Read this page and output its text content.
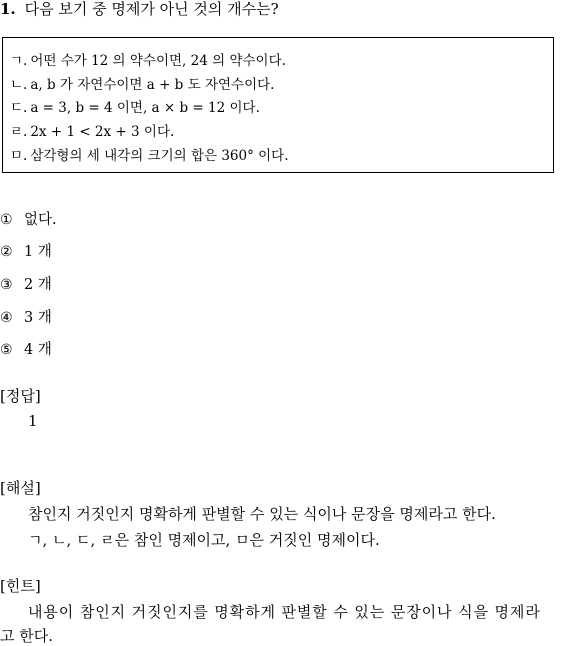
1. 다음 보기 중 명제가 아닌 것의 개수는?
ㄱ. 어떤 수가 12 의 약수이면, 24 의 약수이다.
ㄴ. a, b 가 자연수이면 a + b 도 자연수이다.
ㄷ. a = 3, b = 4 이면, a × b = 12 이다.
ㄹ. 2x + 1 < 2x + 3 이다.
ㅁ. 삼각형의 세 내각의 크기의 합은 360° 이다.
① 없다.
② 1 개
③ 2 개
④ 3 개
⑤ 4 개
[정답]
1
[해설]
참인지 거짓인지 명확하게 판별할 수 있는 식이나 문장을 명제라고 한다.
ㄱ, ㄴ, ㄷ, ㄹ은 참인 명제이고, ㅁ은 거짓인 명제이다.
[힌트]
내용이 참인지 거짓인지를 명확하게 판별할 수 있는 문장이나 식을 명제라
고 한다.
